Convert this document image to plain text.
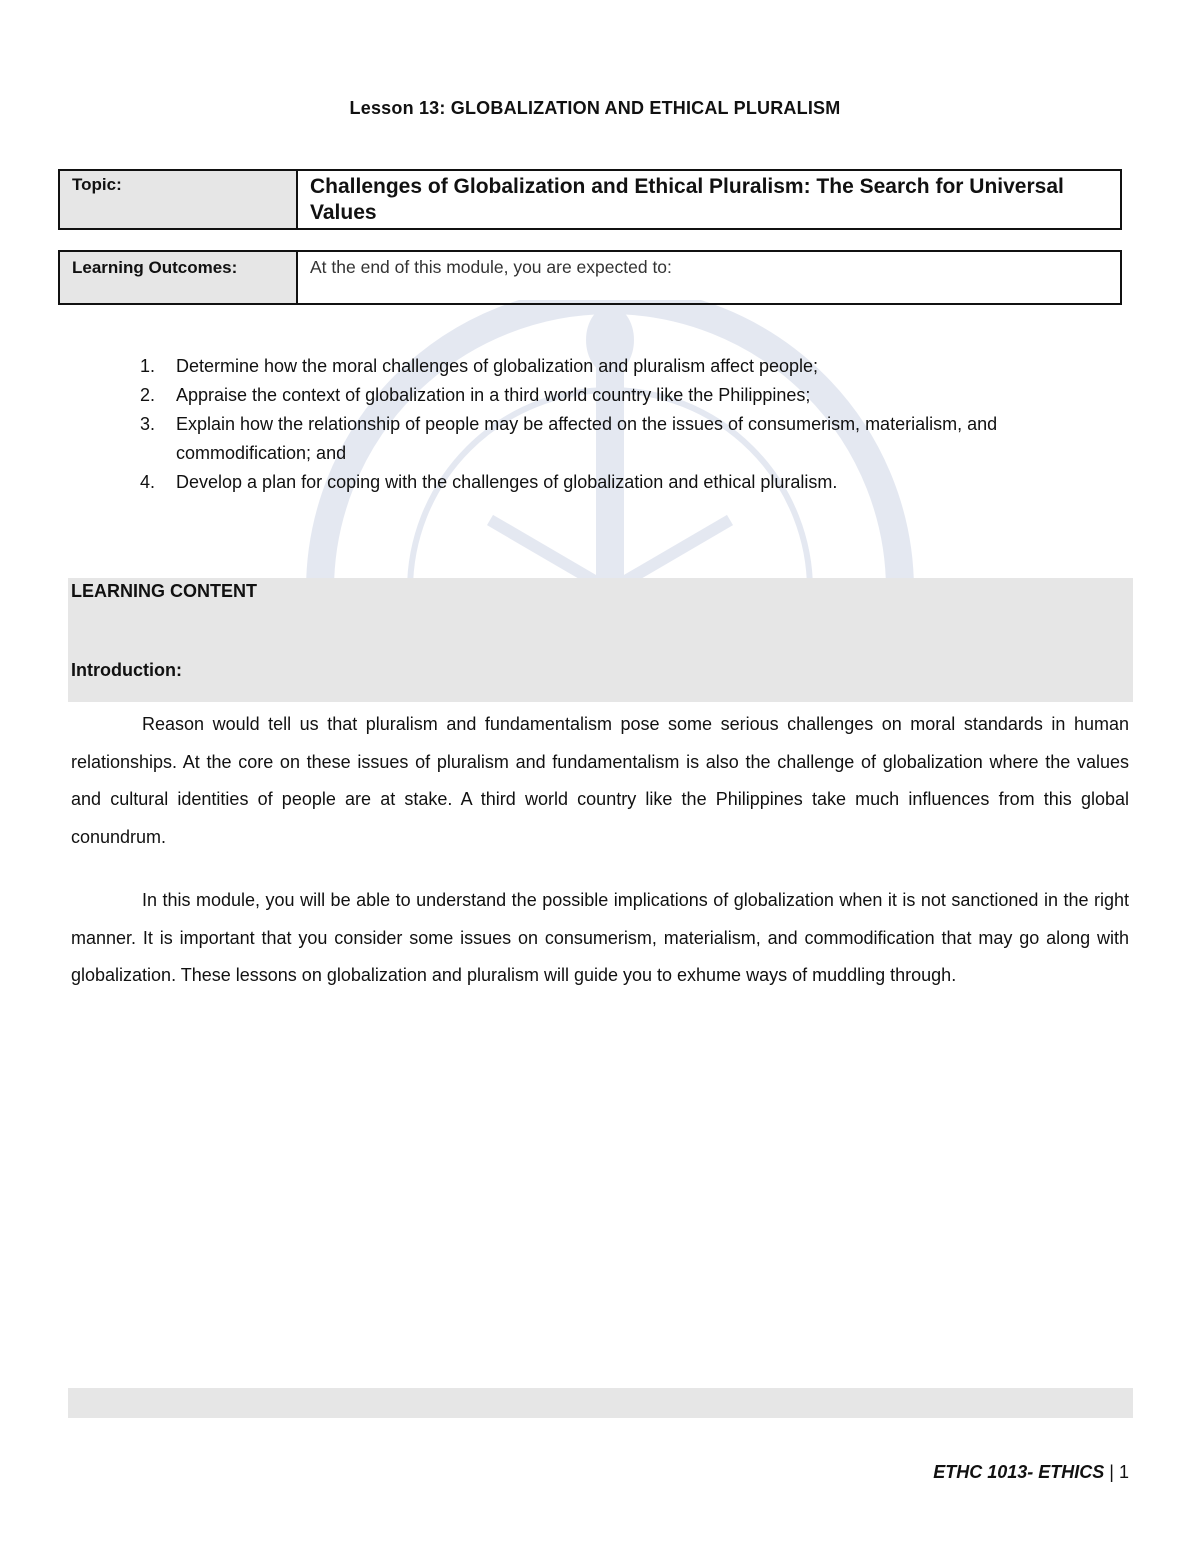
Lesson 13: GLOBALIZATION AND ETHICAL PLURALISM
Topic:	Challenges of Globalization and Ethical Pluralism: The Search for Universal Values
Learning Outcomes:	At the end of this module, you are expected to:
1. Determine how the moral challenges of globalization and pluralism affect people;
2. Appraise the context of globalization in a third world country like the Philippines;
3. Explain how the relationship of people may be affected on the issues of consumerism, materialism, and commodification; and
4. Develop a plan for coping with the challenges of globalization and ethical pluralism.
LEARNING CONTENT
Introduction:

Reason would tell us that pluralism and fundamentalism pose some serious challenges on moral standards in human relationships. At the core on these issues of pluralism and fundamentalism is also the challenge of globalization where the values and cultural identities of people are at stake. A third world country like the Philippines take much influences from this global conundrum.

In this module, you will be able to understand the possible implications of globalization when it is not sanctioned in the right manner. It is important that you consider some issues on consumerism, materialism, and commodification that may go along with globalization. These lessons on globalization and pluralism will guide you to exhume ways of muddling through.

ETHC 1013- ETHICS | 1
